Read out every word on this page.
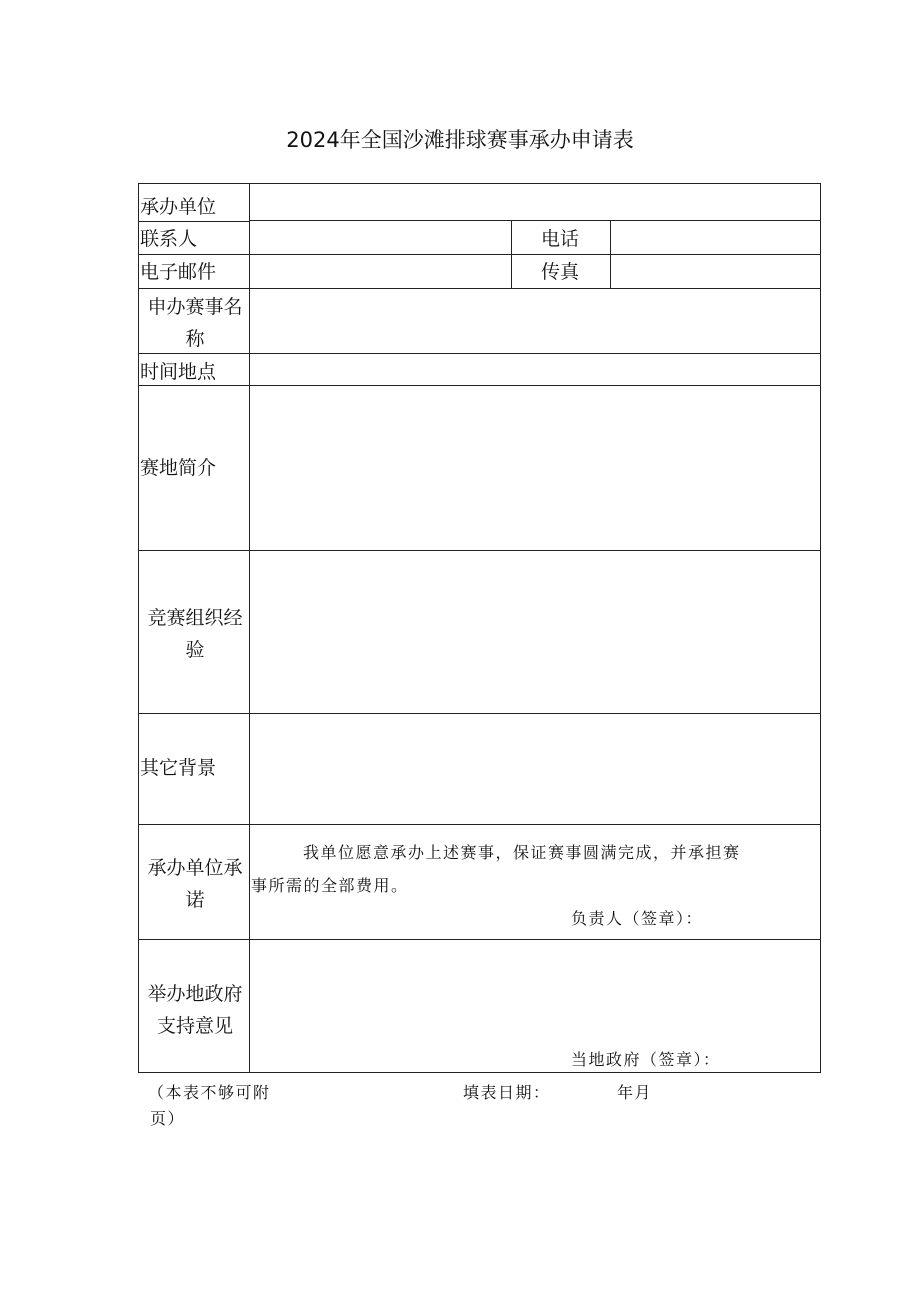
2024年全国沙滩排球赛事承办申请表
承办单位
联系人	电话
电子邮件	传真
申办赛事名
称
时间地点
赛地简介
竞赛组织经
验
其它背景
承办单位承
诺
我单位愿意承办上述赛事，保证赛事圆满完成，并承担赛
事所需的全部费用。
负责人（签章）：
举办地政府
支持意见
当地政府（签章）：
（本表不够可附
页）
填表日期：	年月
